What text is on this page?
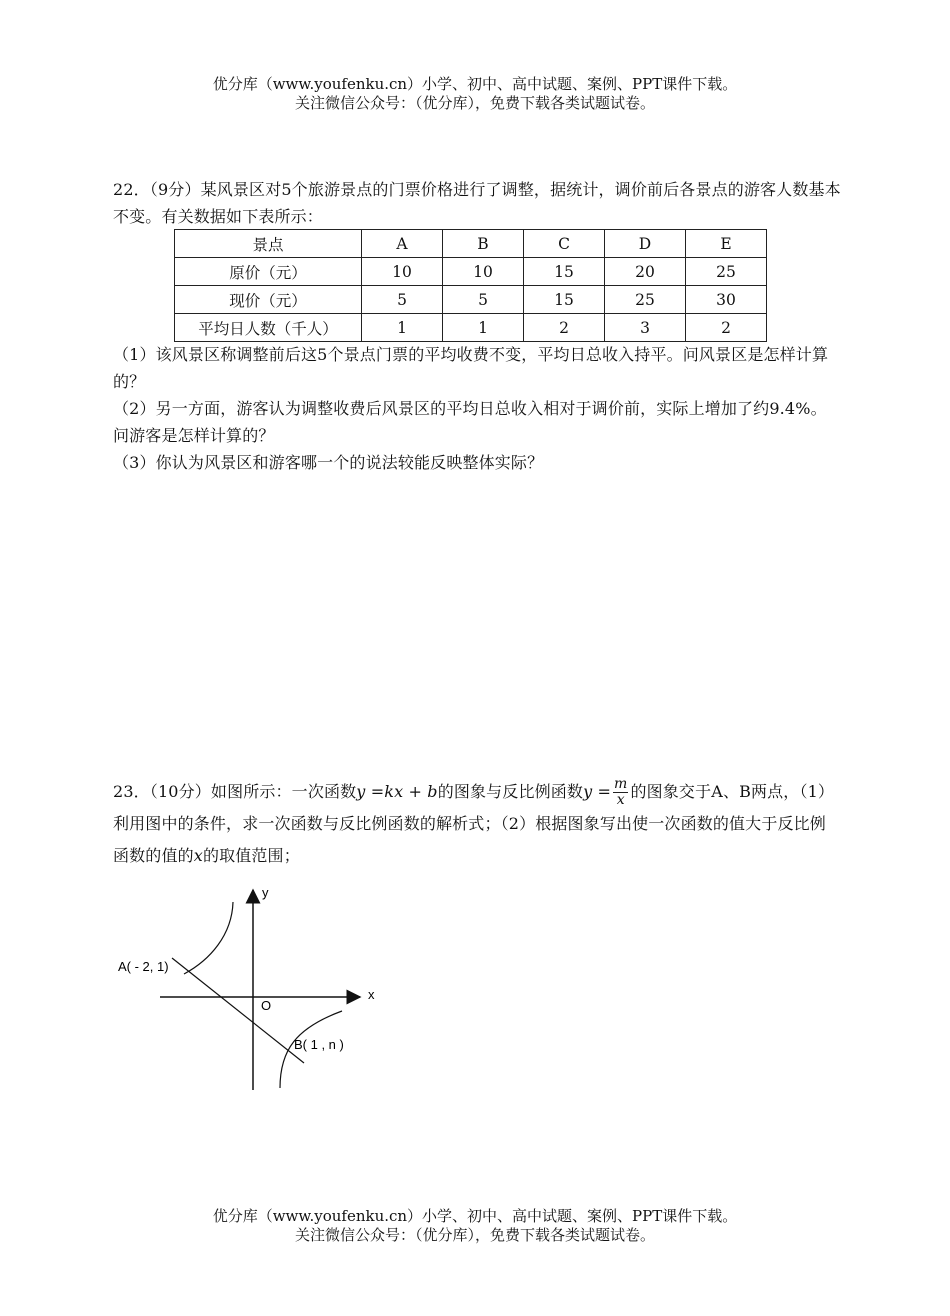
优分库（www.youfenku.cn）小学、初中、高中试题、案例、PPT课件下载。
关注微信公众号：（优分库），免费下载各类试题试卷。

22．（9分）某风景区对5个旅游景点的门票价格进行了调整，据统计，调价前后各景点的游客人数基本不变。有关数据如下表所示：

景点	A	B	C	D	E
原价（元）	10	10	15	20	25
现价（元）	5	5	15	25	30
平均日人数（千人）	1	1	2	3	2

（1）该风景区称调整前后这5个景点门票的平均收费不变，平均日总收入持平。问风景区是怎样计算的？

（2）另一方面，游客认为调整收费后风景区的平均日总收入相对于调价前，实际上增加了约9.4%。问游客是怎样计算的？

（3）你认为风景区和游客哪一个的说法较能反映整体实际？

23．（10分）如图所示：一次函数y =kx + b的图象与反比例函数$y = \frac{m}{x}$ 的图象交于A、B两点，（1）利用图中的条件，求一次函数与反比例函数的解析式；（2）根据图象写出使一次函数的值大于反比例函数的值的x的取值范围；

y
x
O
A( - 2, 1)
B( 1 , n )
优分库（www.youfenku.cn）小学、初中、高中试题、案例、PPT课件下载。
关注微信公众号：（优分库），免费下载各类试题试卷。
